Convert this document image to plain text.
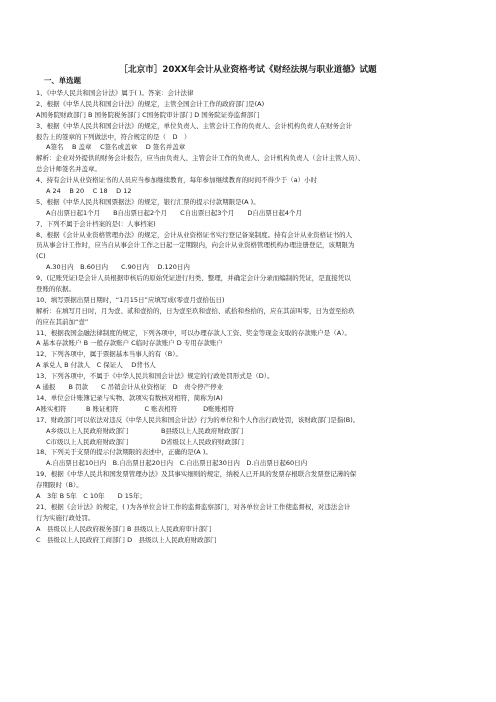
［北京市］20XX年会计从业资格考试《财经法规与职业道德》试题
一、单选题
1、《中华人民共和国会计法》属于( )。答案：会计法律
2、根据《中华人民共和国会计法》的规定，主管全国会计工作的政府部门是(A)
A国务院财政部门 B 国务院税务部门 C国务院审计部门 D 国务院证券监督部门
3、根据《中华人民共和国会计法》的规定，单位负责人、主管会计工作的负责人、会计机构负责人在财务会计
报告上的签章的下列做法中，符合规定的是（　D　）
A签名　 B 盖章　 C签名或盖章　 D 签名并盖章
解析：企业对外提供的财务会计报告，应当由负责人、主管会计工作的负责人、会计机构负责人（会计主管人员）、
总会计师签名并盖章。
4、持有会计从业资格证书的人员应当参加继续教育，每年参加继续教育的时间不得少于（a）小时
A 24　 B 20　 C 18　 D 12
5、根据《中华人民共和国票据法》的规定，银行汇票的提示付款期限是(A )。
A自出票日起1个月　　B自出票日起2个月　　C自出票日起3个月　　D自出票日起4个月
7、下列不属于会计档案的是(：人事档案)
8、根据《会计从业资格管理办法》的规定，会计从业资格证书实行登记备案制度。持有会计从业资格证书的人
员从事会计工作时，应当自从事会计工作之日起一定期限内，向会计从业资格管理机构办理注册登记，该期限为
(C)
A.30日内　B.60日内　　C.90日内　 D.120日内
9、(记账凭证)是会计人员根据审核后的原始凭证进行归类、整理，并确定会计分录而编制的凭证，是直接凭以
登账的依据。
10、填写票据出票日期时，“1月15日”应填写成(零壹月壹拾伍日)
解析：在填写月日时，月为壹、贰和壹拾的，日为壹至玖和壹拾、贰拾和叁拾的，应在其前叫零，日为壹至拾玖
的应在其前加“壹”
11、根据我国金融法律制度的规定，下列各项中，可以办理存款人工资、奖金等现金支取的存款账户是（A）。
A 基本存款账户 B 一般存款账户 C临时存款账户 D 专用存款账户
12、下列各项中，属于票据基本当事人的有（B）。
A 承兑人 B 付款人　C 保证人　 D背书人
13、下列各项中，不属于《中华人民共和国会计法》规定的行政处罚形式是（D）。
A 通报　　B 罚款　　C 吊销会计从业资格证　D　责令停产停业
14、单位会计账簿记录与实物、款项实有数核对相符，简称为(A)
A账实相符　　　B 账证相符　　　　C 账表相符　　　　D账账相符
17、财政部门可以依法对违反《中华人民共和国会计法》行为的单位和个人作出行政处罚，该财政部门是指(B)。
A乡级以上人民政府财政部门　　　　　B县级以上人民政府财政部门
C市级以上人民政府财政部门　　　　　D省级以上人民政府财政部门
18、下列关于支票的提示付款期限的表述中，正确的是(A )。
A.自出票日起10日内　B.自出票日起20日内　C.自出票日起30日内　D.自出票日起60日内
19、根据《中华人民共和国发票管理办法》及其事实细则的规定，纳税人已开具的发票存根联合发票登记薄的保
存期限时（B）。
A　3年 B 5年　C 10年　　D 15年；
21、根据《会计法》的规定，( )为各单位会计工作的监督监察部门，对各单位会计工作使监督权，对违法会计
行为实施行政处罚。
A　县级以上人民政府税务部门 B 县级以上人民政府审计部门
C　县级以上人民政府工商部门 D　县级以上人民政府财政部门
